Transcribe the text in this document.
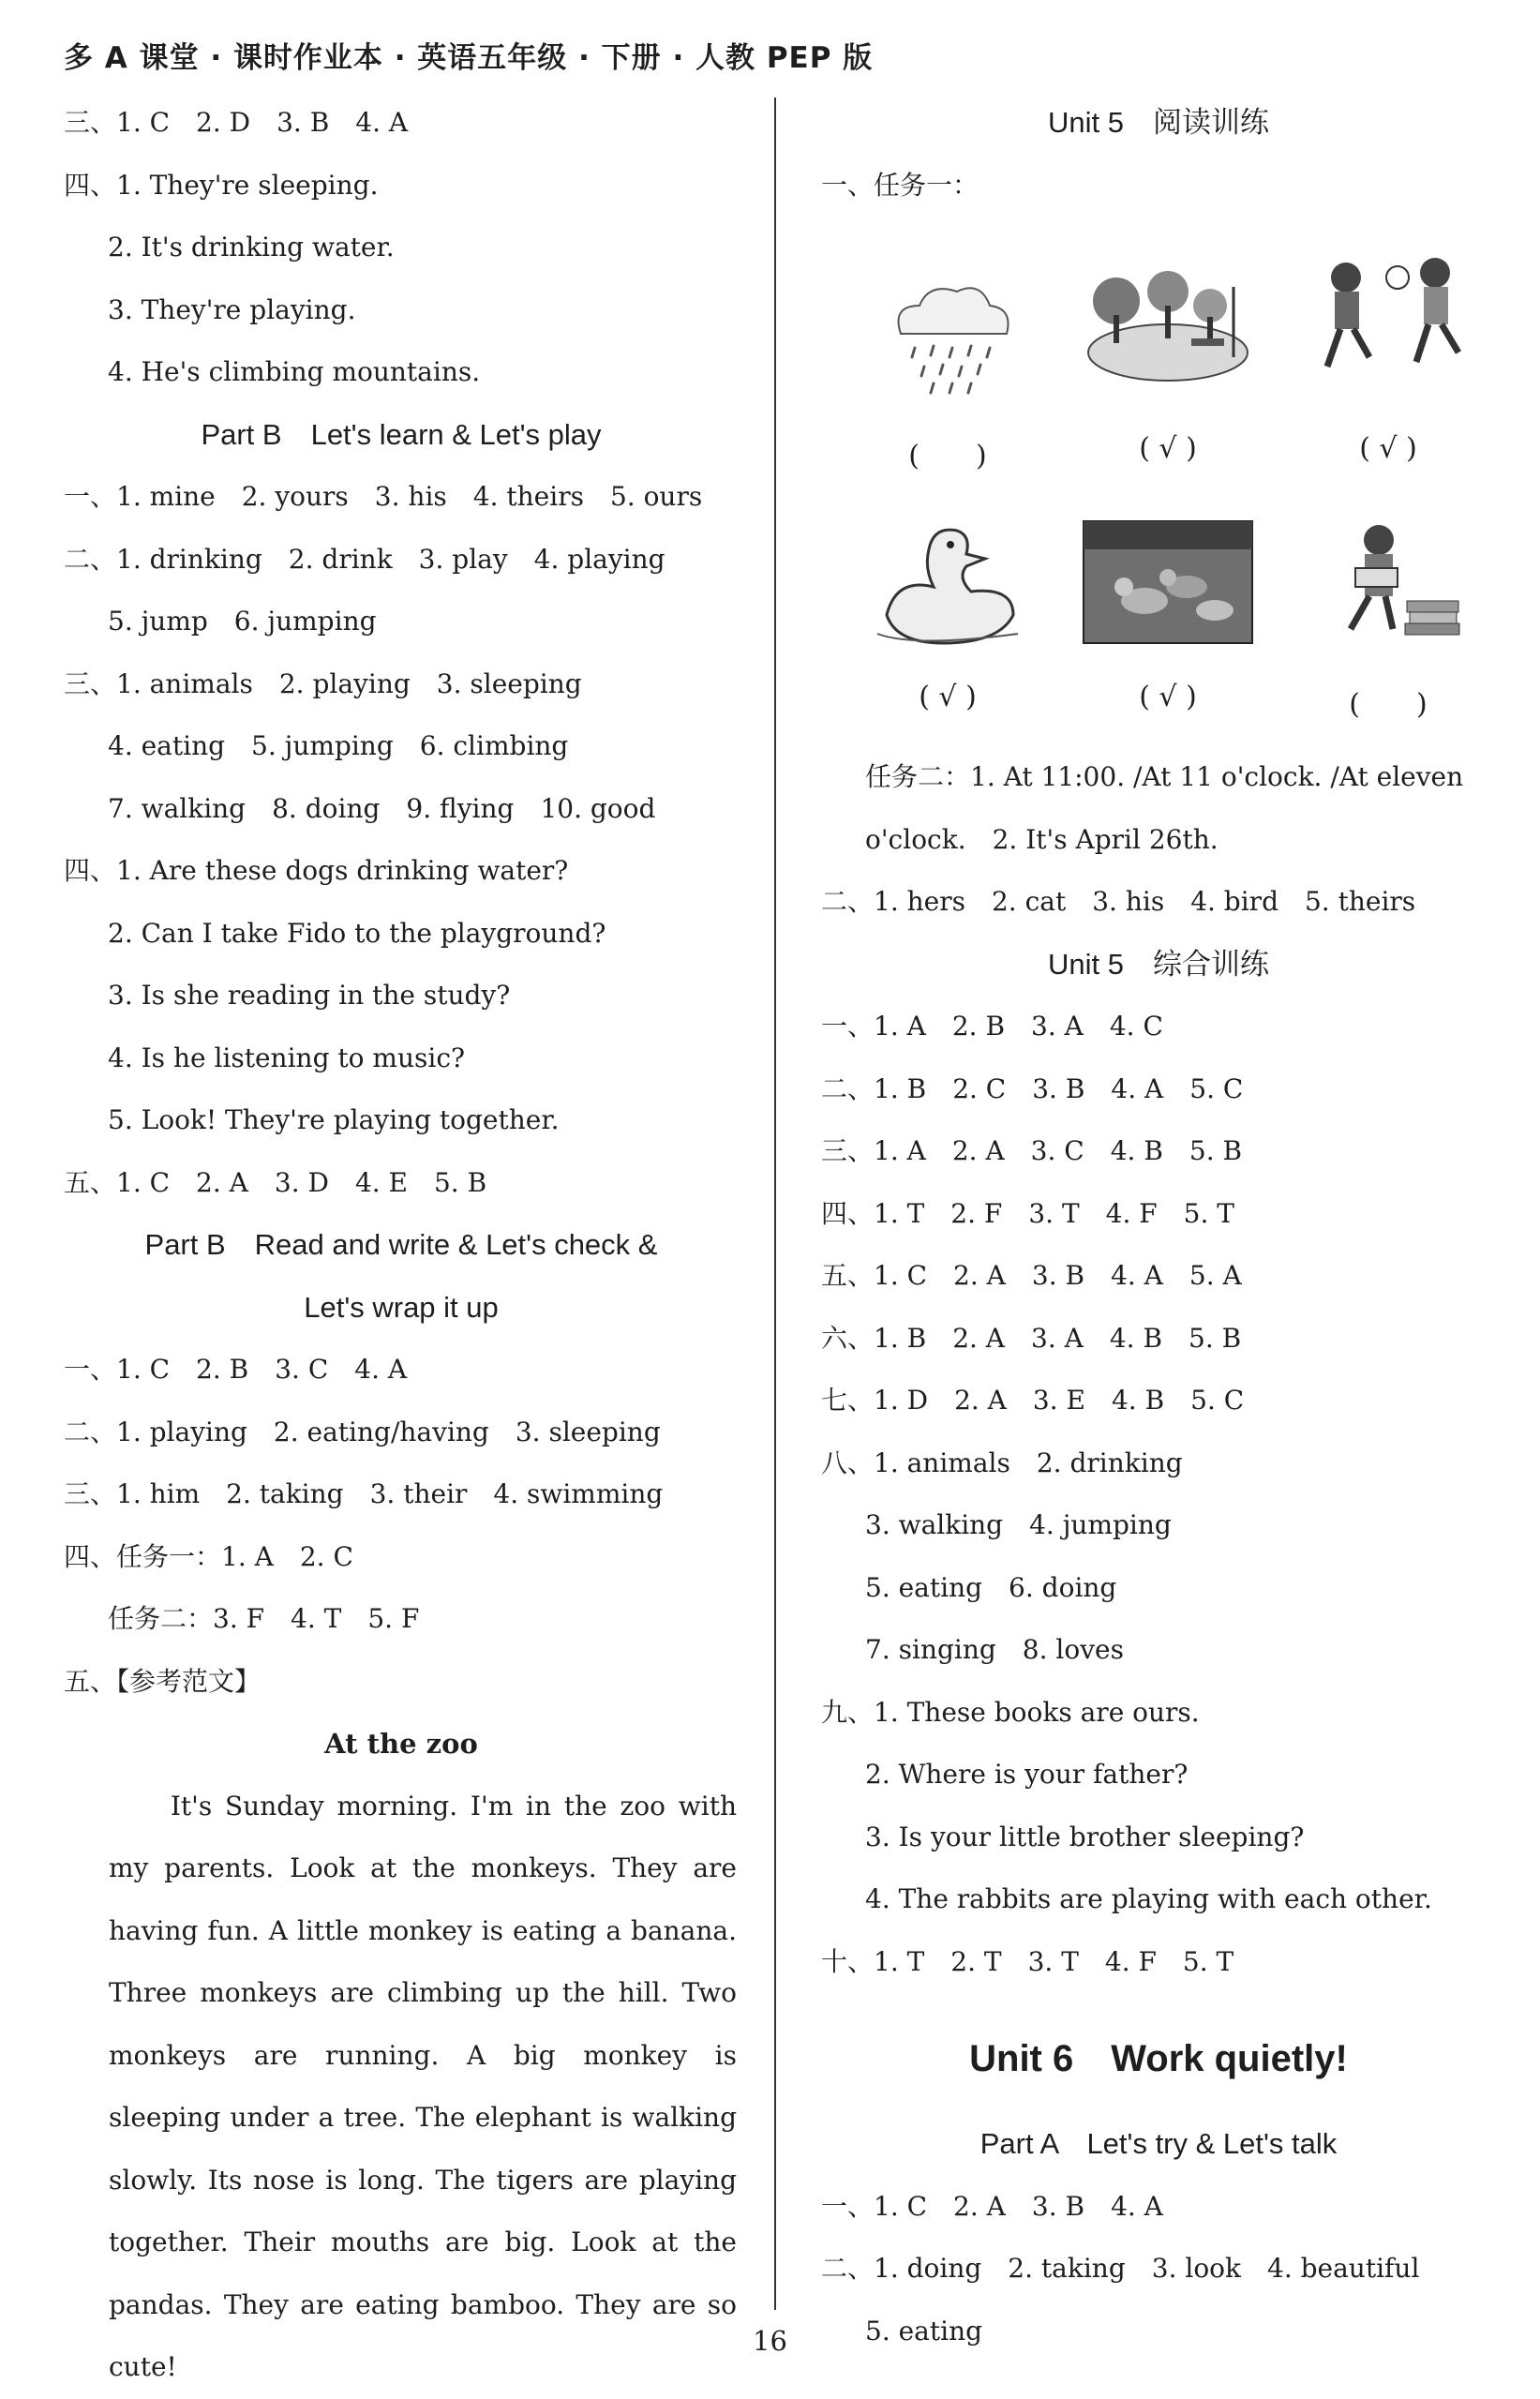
多 A 课堂 · 课时作业本 · 英语五年级 · 下册 · 人教 PEP 版
三、1. C　2. D　3. B　4. A
四、1. They're sleeping.
2. It's drinking water.
3. They're playing.
4. He's climbing mountains.
Part B　Let's learn & Let's play
一、1. mine　2. yours　3. his　4. theirs　5. ours
二、1. drinking　2. drink　3. play　4. playing
5. jump　6. jumping
三、1. animals　2. playing　3. sleeping
4. eating　5. jumping　6. climbing
7. walking　8. doing　9. flying　10. good
四、1. Are these dogs drinking water?
2. Can I take Fido to the playground?
3. Is she reading in the study?
4. Is he listening to music?
5. Look! They're playing together.
五、1. C　2. A　3. D　4. E　5. B
Part B　Read and write & Let's check &
Let's wrap it up
一、1. C　2. B　3. C　4. A
二、1. playing　2. eating/having　3. sleeping
三、1. him　2. taking　3. their　4. swimming
四、任务一：1. A　2. C
任务二：3. F　4. T　5. F
五、【参考范文】
At the zoo
　　It's Sunday morning. I'm in the zoo with my parents. Look at the monkeys. They are having fun. A little monkey is eating a banana. Three monkeys are climbing up the hill. Two monkeys are running. A big monkey is sleeping under a tree. The elephant is walking slowly. Its nose is long. The tigers are playing together. Their mouths are big. Look at the pandas. They are eating bamboo. They are so cute!
Unit 5　阅读训练
一、任务一：
(　　)	( √ )	( √ )
( √ )	( √ )	(　　)
任务二：1. At 11:00. /At 11 o'clock. /At eleven
o'clock.　2. It's April 26th.
二、1. hers　2. cat　3. his　4. bird　5. theirs
Unit 5　综合训练
一、1. A　2. B　3. A　4. C
二、1. B　2. C　3. B　4. A　5. C
三、1. A　2. A　3. C　4. B　5. B
四、1. T　2. F　3. T　4. F　5. T
五、1. C　2. A　3. B　4. A　5. A
六、1. B　2. A　3. A　4. B　5. B
七、1. D　2. A　3. E　4. B　5. C
八、1. animals　2. drinking
3. walking　4. jumping
5. eating　6. doing
7. singing　8. loves
九、1. These books are ours.
2. Where is your father?
3. Is your little brother sleeping?
4. The rabbits are playing with each other.
十、1. T　2. T　3. T　4. F　5. T
Unit 6　Work quietly!
Part A　Let's try & Let's talk
一、1. C　2. A　3. B　4. A
二、1. doing　2. taking　3. look　4. beautiful
5. eating
16
